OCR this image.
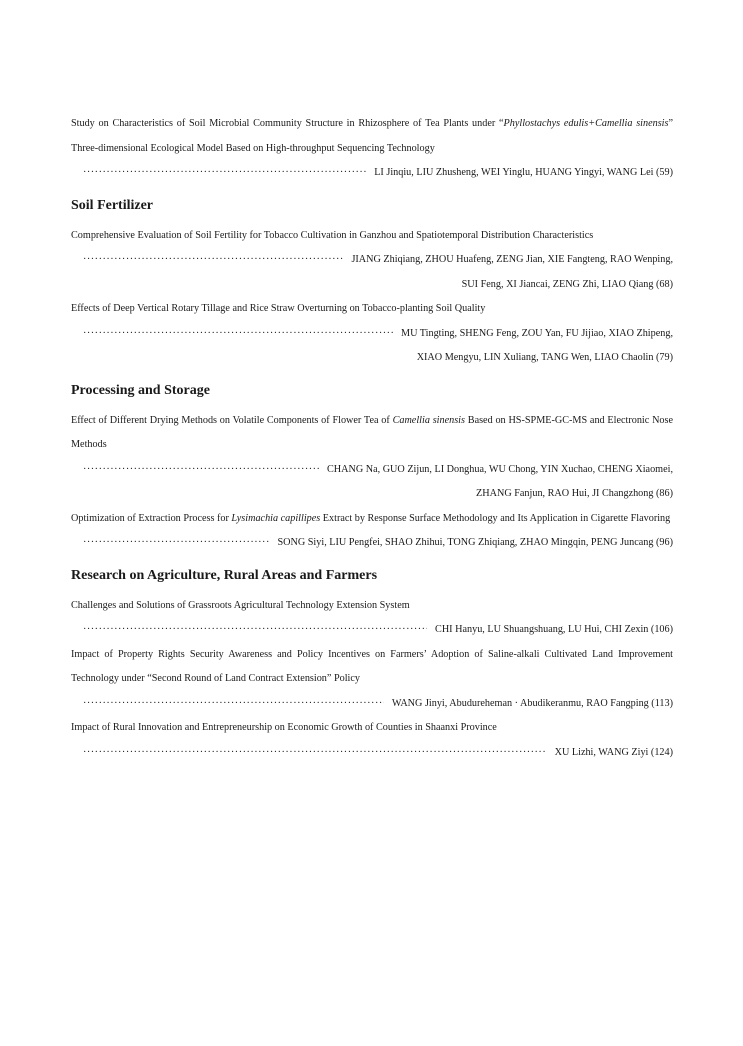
Study on Characteristics of Soil Microbial Community Structure in Rhizosphere of Tea Plants under “Phyllostachys edulis+Camellia sinensis” Three-dimensional Ecological Model Based on High-throughput Sequencing Technology

·····
LI Jinqiu, LIU Zhusheng, WEI Yinglu, HUANG Yingyi, WANG Lei (59)
Soil Fertilizer

Comprehensive Evaluation of Soil Fertility for Tobacco Cultivation in Ganzhou and Spatiotemporal Distribution Characteristics

·····
JIANG Zhiqiang, ZHOU Huafeng, ZENG Jian, XIE Fangteng, RAO Wenping,

SUI Feng, XI Jiancai, ZENG Zhi, LIAO Qiang (68)

Effects of Deep Vertical Rotary Tillage and Rice Straw Overturning on Tobacco-planting Soil Quality

·····
MU Tingting, SHENG Feng, ZOU Yan, FU Jijiao, XIAO Zhipeng,

XIAO Mengyu, LIN Xuliang, TANG Wen, LIAO Chaolin (79)

Processing and Storage

Effect of Different Drying Methods on Volatile Components of Flower Tea of Camellia sinensis Based on HS-SPME-GC-MS and Electronic Nose Methods

·····
CHANG Na, GUO Zijun, LI Donghua, WU Chong, YIN Xuchao, CHENG Xiaomei,

ZHANG Fanjun, RAO Hui, JI Changzhong (86)

Optimization of Extraction Process for Lysimachia capillipes Extract by Response Surface Methodology and Its Application in Cigarette Flavoring

·····
SONG Siyi, LIU Pengfei, SHAO Zhihui, TONG Zhiqiang, ZHAO Mingqin, PENG Juncang (96)
Research on Agriculture, Rural Areas and Farmers

Challenges and Solutions of Grassroots Agricultural Technology Extension System

·····
CHI Hanyu, LU Shuangshuang, LU Hui, CHI Zexin (106)

Impact of Property Rights Security Awareness and Policy Incentives on Farmers’ Adoption of Saline-alkali Cultivated Land Improvement Technology under “Second Round of Land Contract Extension” Policy

·····
WANG Jinyi, Abudureheman · Abudikeranmu, RAO Fangping (113)

Impact of Rural Innovation and Entrepreneurship on Economic Growth of Counties in Shaanxi Province

·····
XU Lizhi, WANG Ziyi (124)
